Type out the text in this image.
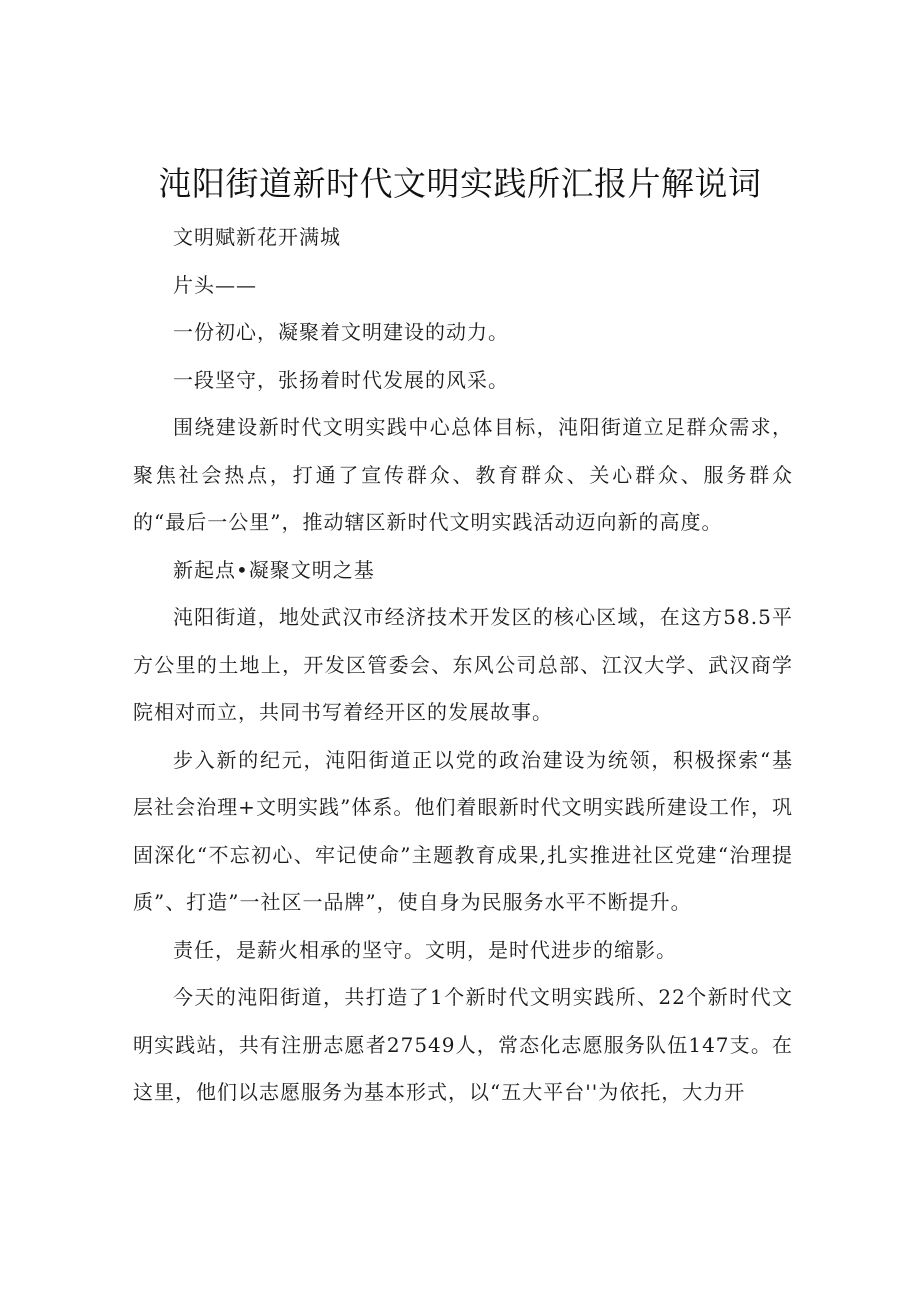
沌阳街道新时代文明实践所汇报片解说词

文明赋新花开满城

片头——

一份初心，凝聚着文明建设的动力。

一段坚守，张扬着时代发展的风采。

围绕建设新时代文明实践中心总体目标，沌阳街道立足群众需求，聚焦社会热点，打通了宣传群众、教育群众、关心群众、服务群众的“最后一公里”，推动辖区新时代文明实践活动迈向新的高度。

新起点•凝聚文明之基

沌阳街道，地处武汉市经济技术开发区的核心区域，在这方58.5平方公里的土地上，开发区管委会、东风公司总部、江汉大学、武汉商学院相对而立，共同书写着经开区的发展故事。

步入新的纪元，沌阳街道正以党的政治建设为统领，积极探索“基层社会治理+文明实践”体系。他们着眼新时代文明实践所建设工作，巩固深化“不忘初心、牢记使命”主题教育成果,扎实推进社区党建“治理提质”、打造”一社区一品牌”，使自身为民服务水平不断提升。

责任，是薪火相承的坚守。文明，是时代进步的缩影。

今天的沌阳街道，共打造了1个新时代文明实践所、22个新时代文明实践站，共有注册志愿者27549人，常态化志愿服务队伍147支。在这里，他们以志愿服务为基本形式，以“五大平台''为依托，大力开
